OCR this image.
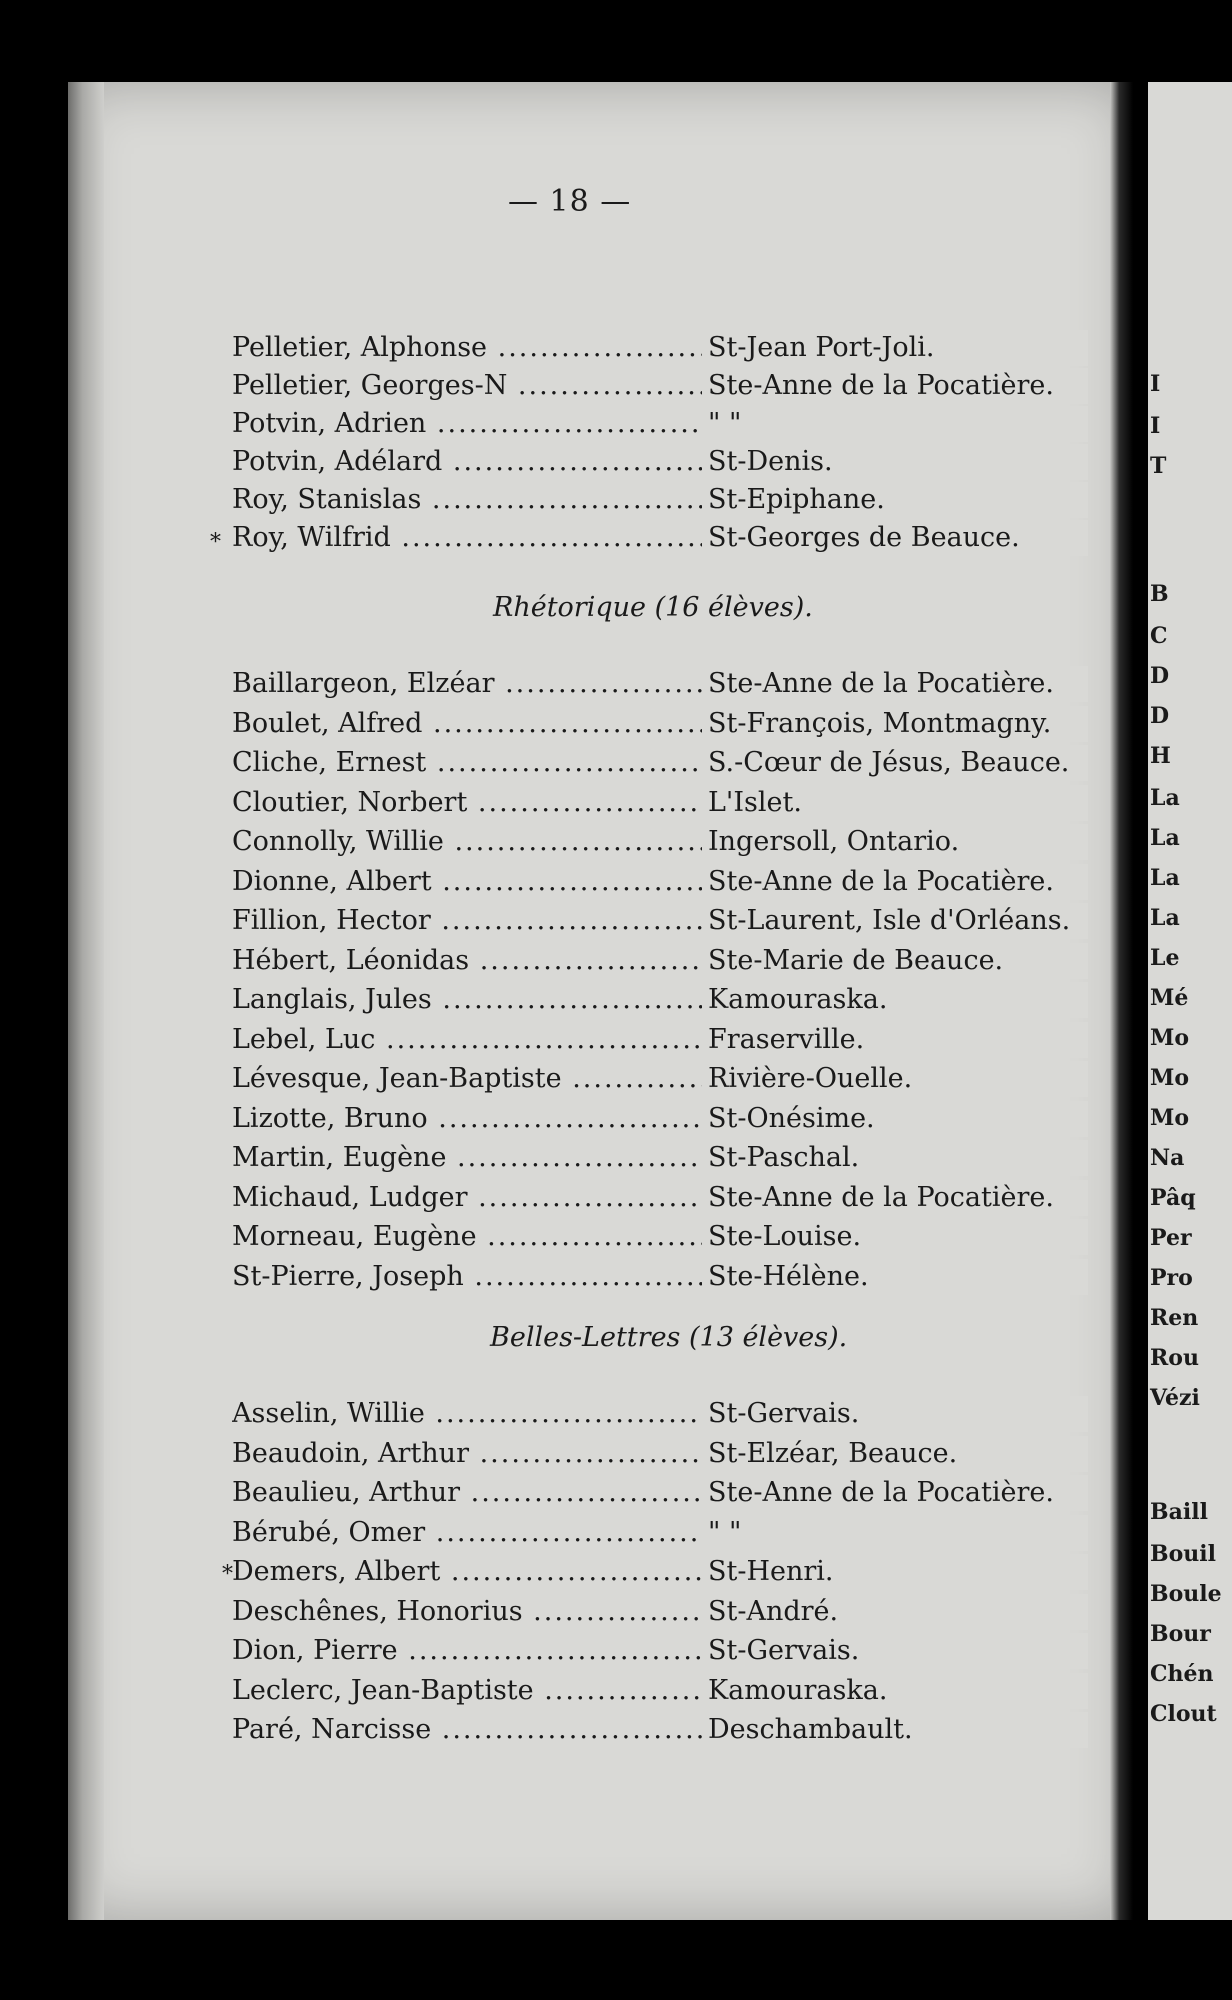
— 18 —
Pelletier, Alphonse .....	St-Jean Port-Joli.
Pelletier, Georges-N .....	Ste-Anne de la Pocatière.
Potvin, Adrien .....	" "
Potvin, Adélard .....	St-Denis.
Roy, Stanislas .....	St-Epiphane.
Roy, Wilfrid .....	St-Georges de Beauce.
Rhétorique (16 élèves).
Baillargeon, Elzéar .....	Ste-Anne de la Pocatière.
Boulet, Alfred .....	St-François, Montmagny.
Cliche, Ernest .....	S.-Cœur de Jésus, Beauce.
Cloutier, Norbert .....	L'Islet.
Connolly, Willie .....	Ingersoll, Ontario.
Dionne, Albert .....	Ste-Anne de la Pocatière.
Fillion, Hector .....	St-Laurent, Isle d'Orléans.
Hébert, Léonidas .....	Ste-Marie de Beauce.
Langlais, Jules .....	Kamouraska.
Lebel, Luc .....	Fraserville.
Lévesque, Jean-Baptiste .....	Rivière-Ouelle.
Lizotte, Bruno .....	St-Onésime.
Martin, Eugène .....	St-Paschal.
Michaud, Ludger .....	Ste-Anne de la Pocatière.
Morneau, Eugène .....	Ste-Louise.
St-Pierre, Joseph .....	Ste-Hélène.
Belles-Lettres (13 élèves).
Asselin, Willie .....	St-Gervais.
Beaudoin, Arthur .....	St-Elzéar, Beauce.
Beaulieu, Arthur .....	Ste-Anne de la Pocatière.
Bérubé, Omer .....	" "
Demers, Albert .....	St-Henri.
Deschênes, Honorius .....	St-André.
Dion, Pierre .....	St-Gervais.
Leclerc, Jean-Baptiste .....	Kamouraska.
Paré, Narcisse .....	Deschambault.
*
*
I
I
T
B
C
D
D
H
La
La
La
La
Le
Mé
Mo
Mo
Mo
Na
Pâq
Per
Pro
Ren
Rou
Vézi
Baill
Bouil
Boule
Bour
Chén
Clout
